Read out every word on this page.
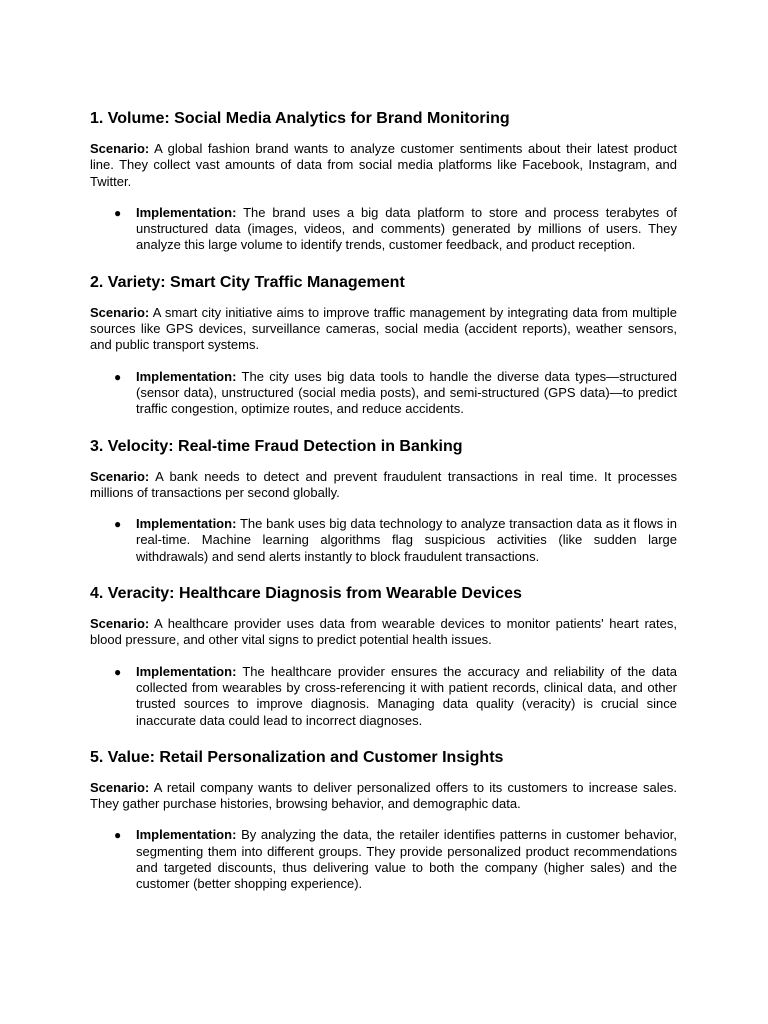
1. Volume: Social Media Analytics for Brand Monitoring

Scenario: A global fashion brand wants to analyze customer sentiments about their latest product line. They collect vast amounts of data from social media platforms like Facebook, Instagram, and Twitter.

● Implementation: The brand uses a big data platform to store and process terabytes of unstructured data (images, videos, and comments) generated by millions of users. They analyze this large volume to identify trends, customer feedback, and product reception.
2. Variety: Smart City Traffic Management

Scenario: A smart city initiative aims to improve traffic management by integrating data from multiple sources like GPS devices, surveillance cameras, social media (accident reports), weather sensors, and public transport systems.

● Implementation: The city uses big data tools to handle the diverse data types—structured (sensor data), unstructured (social media posts), and semi-structured (GPS data)—to predict traffic congestion, optimize routes, and reduce accidents.
3. Velocity: Real-time Fraud Detection in Banking

Scenario: A bank needs to detect and prevent fraudulent transactions in real time. It processes millions of transactions per second globally.

● Implementation: The bank uses big data technology to analyze transaction data as it flows in real-time. Machine learning algorithms flag suspicious activities (like sudden large withdrawals) and send alerts instantly to block fraudulent transactions.
4. Veracity: Healthcare Diagnosis from Wearable Devices

Scenario: A healthcare provider uses data from wearable devices to monitor patients' heart rates, blood pressure, and other vital signs to predict potential health issues.

● Implementation: The healthcare provider ensures the accuracy and reliability of the data collected from wearables by cross-referencing it with patient records, clinical data, and other trusted sources to improve diagnosis. Managing data quality (veracity) is crucial since inaccurate data could lead to incorrect diagnoses.
5. Value: Retail Personalization and Customer Insights

Scenario: A retail company wants to deliver personalized offers to its customers to increase sales. They gather purchase histories, browsing behavior, and demographic data.

● Implementation: By analyzing the data, the retailer identifies patterns in customer behavior, segmenting them into different groups. They provide personalized product recommendations and targeted discounts, thus delivering value to both the company (higher sales) and the customer (better shopping experience).
